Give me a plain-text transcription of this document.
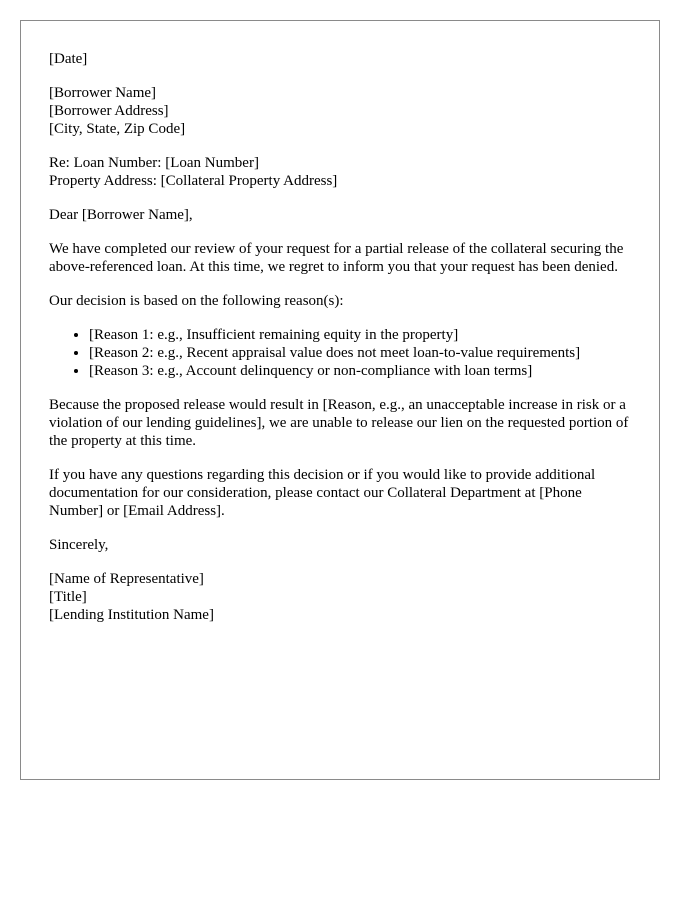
[Date]
[Borrower Name]
[Borrower Address]
[City, State, Zip Code]
Re: Loan Number: [Loan Number]
Property Address: [Collateral Property Address]
Dear [Borrower Name],

We have completed our review of your request for a partial release of the collateral securing the above-referenced loan. At this time, we regret to inform you that your request has been denied.

Our decision is based on the following reason(s):

• [Reason 1: e.g., Insufficient remaining equity in the property]
• [Reason 2: e.g., Recent appraisal value does not meet loan-to-value requirements]
• [Reason 3: e.g., Account delinquency or non-compliance with loan terms]

Because the proposed release would result in [Reason, e.g., an unacceptable increase in risk or a violation of our lending guidelines], we are unable to release our lien on the requested portion of the property at this time.

If you have any questions regarding this decision or if you would like to provide additional documentation for our consideration, please contact our Collateral Department at [Phone Number] or [Email Address].

Sincerely,
[Name of Representative]
[Title]
[Lending Institution Name]
